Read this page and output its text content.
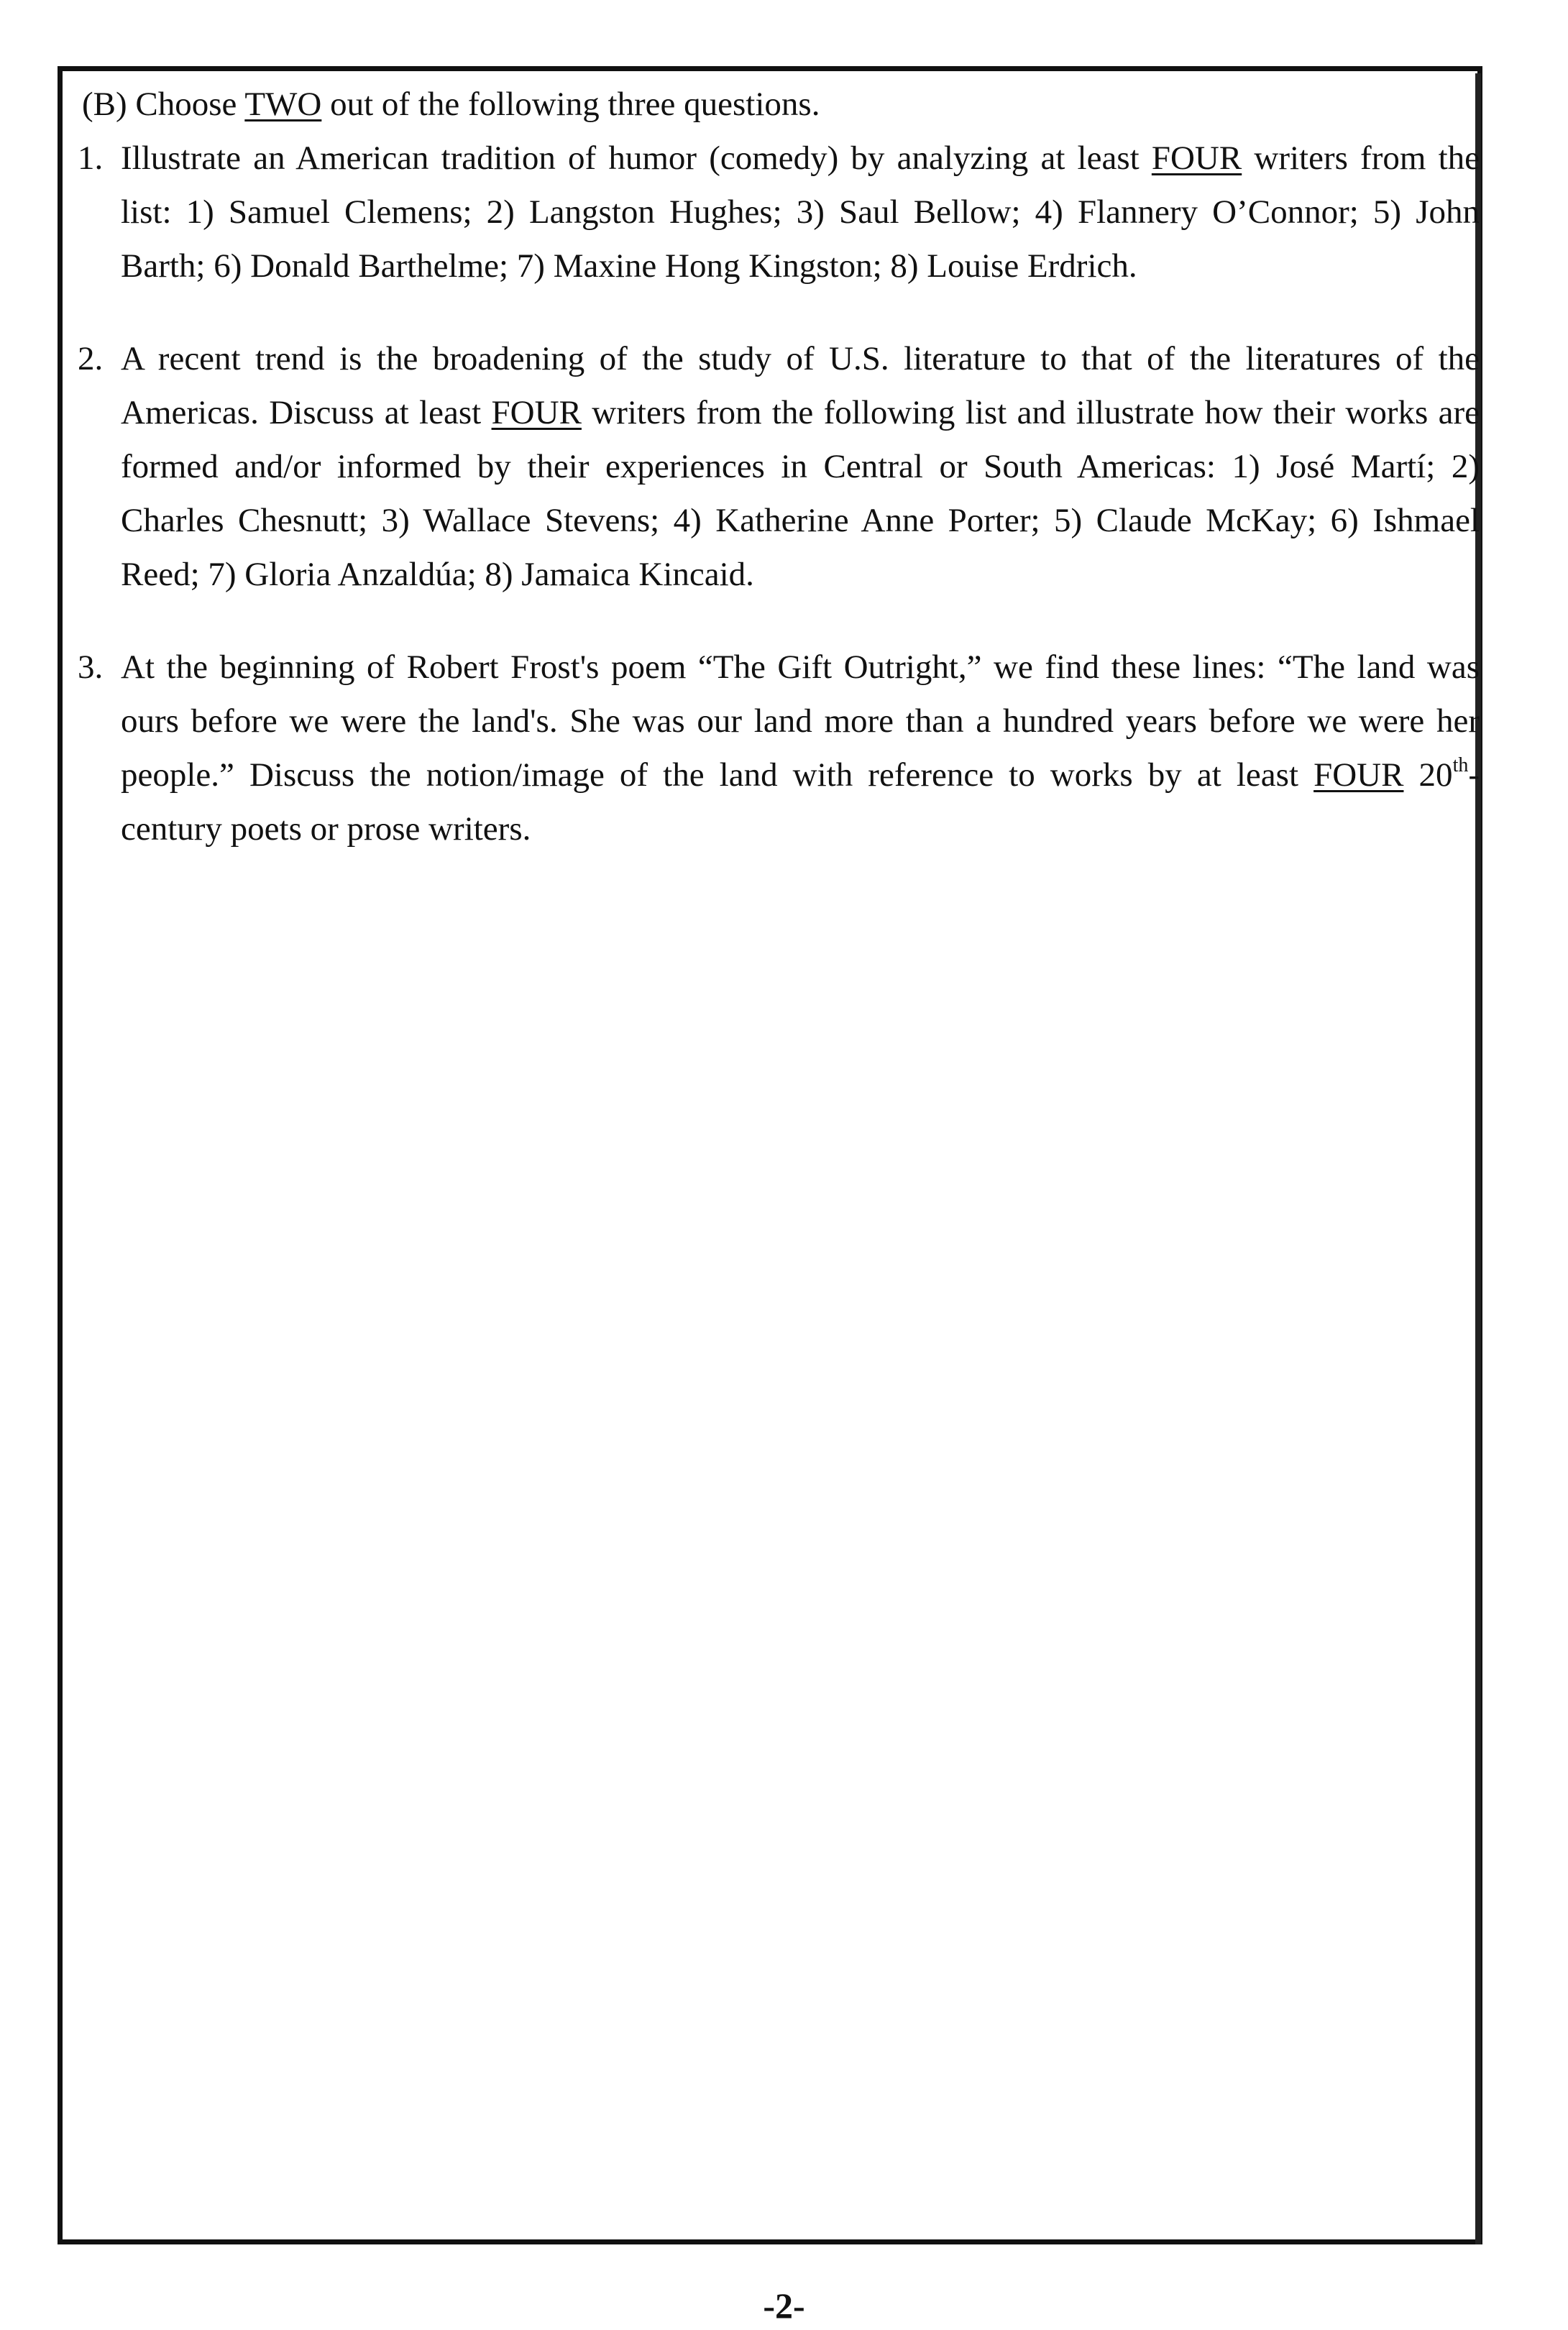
(B) Choose TWO out of the following three questions.

1. Illustrate an American tradition of humor (comedy) by analyzing at least FOUR writers from the list: 1) Samuel Clemens; 2) Langston Hughes; 3) Saul Bellow; 4) Flannery O’Connor; 5) John Barth; 6) Donald Barthelme; 7) Maxine Hong Kingston; 8) Louise Erdrich.

2. A recent trend is the broadening of the study of U.S. literature to that of the literatures of the Americas. Discuss at least FOUR writers from the following list and illustrate how their works are formed and/or informed by their experiences in Central or South Americas: 1) José Martí; 2) Charles Chesnutt; 3) Wallace Stevens; 4) Katherine Anne Porter; 5) Claude McKay; 6) Ishmael Reed; 7) Gloria Anzaldúa; 8) Jamaica Kincaid.

3. At the beginning of Robert Frost's poem “The Gift Outright,” we find these lines: “The land was ours before we were the land's. She was our land more than a hundred years before we were her people.” Discuss the notion/image of the land with reference to works by at least FOUR 20th-century poets or prose writers.

-2-
